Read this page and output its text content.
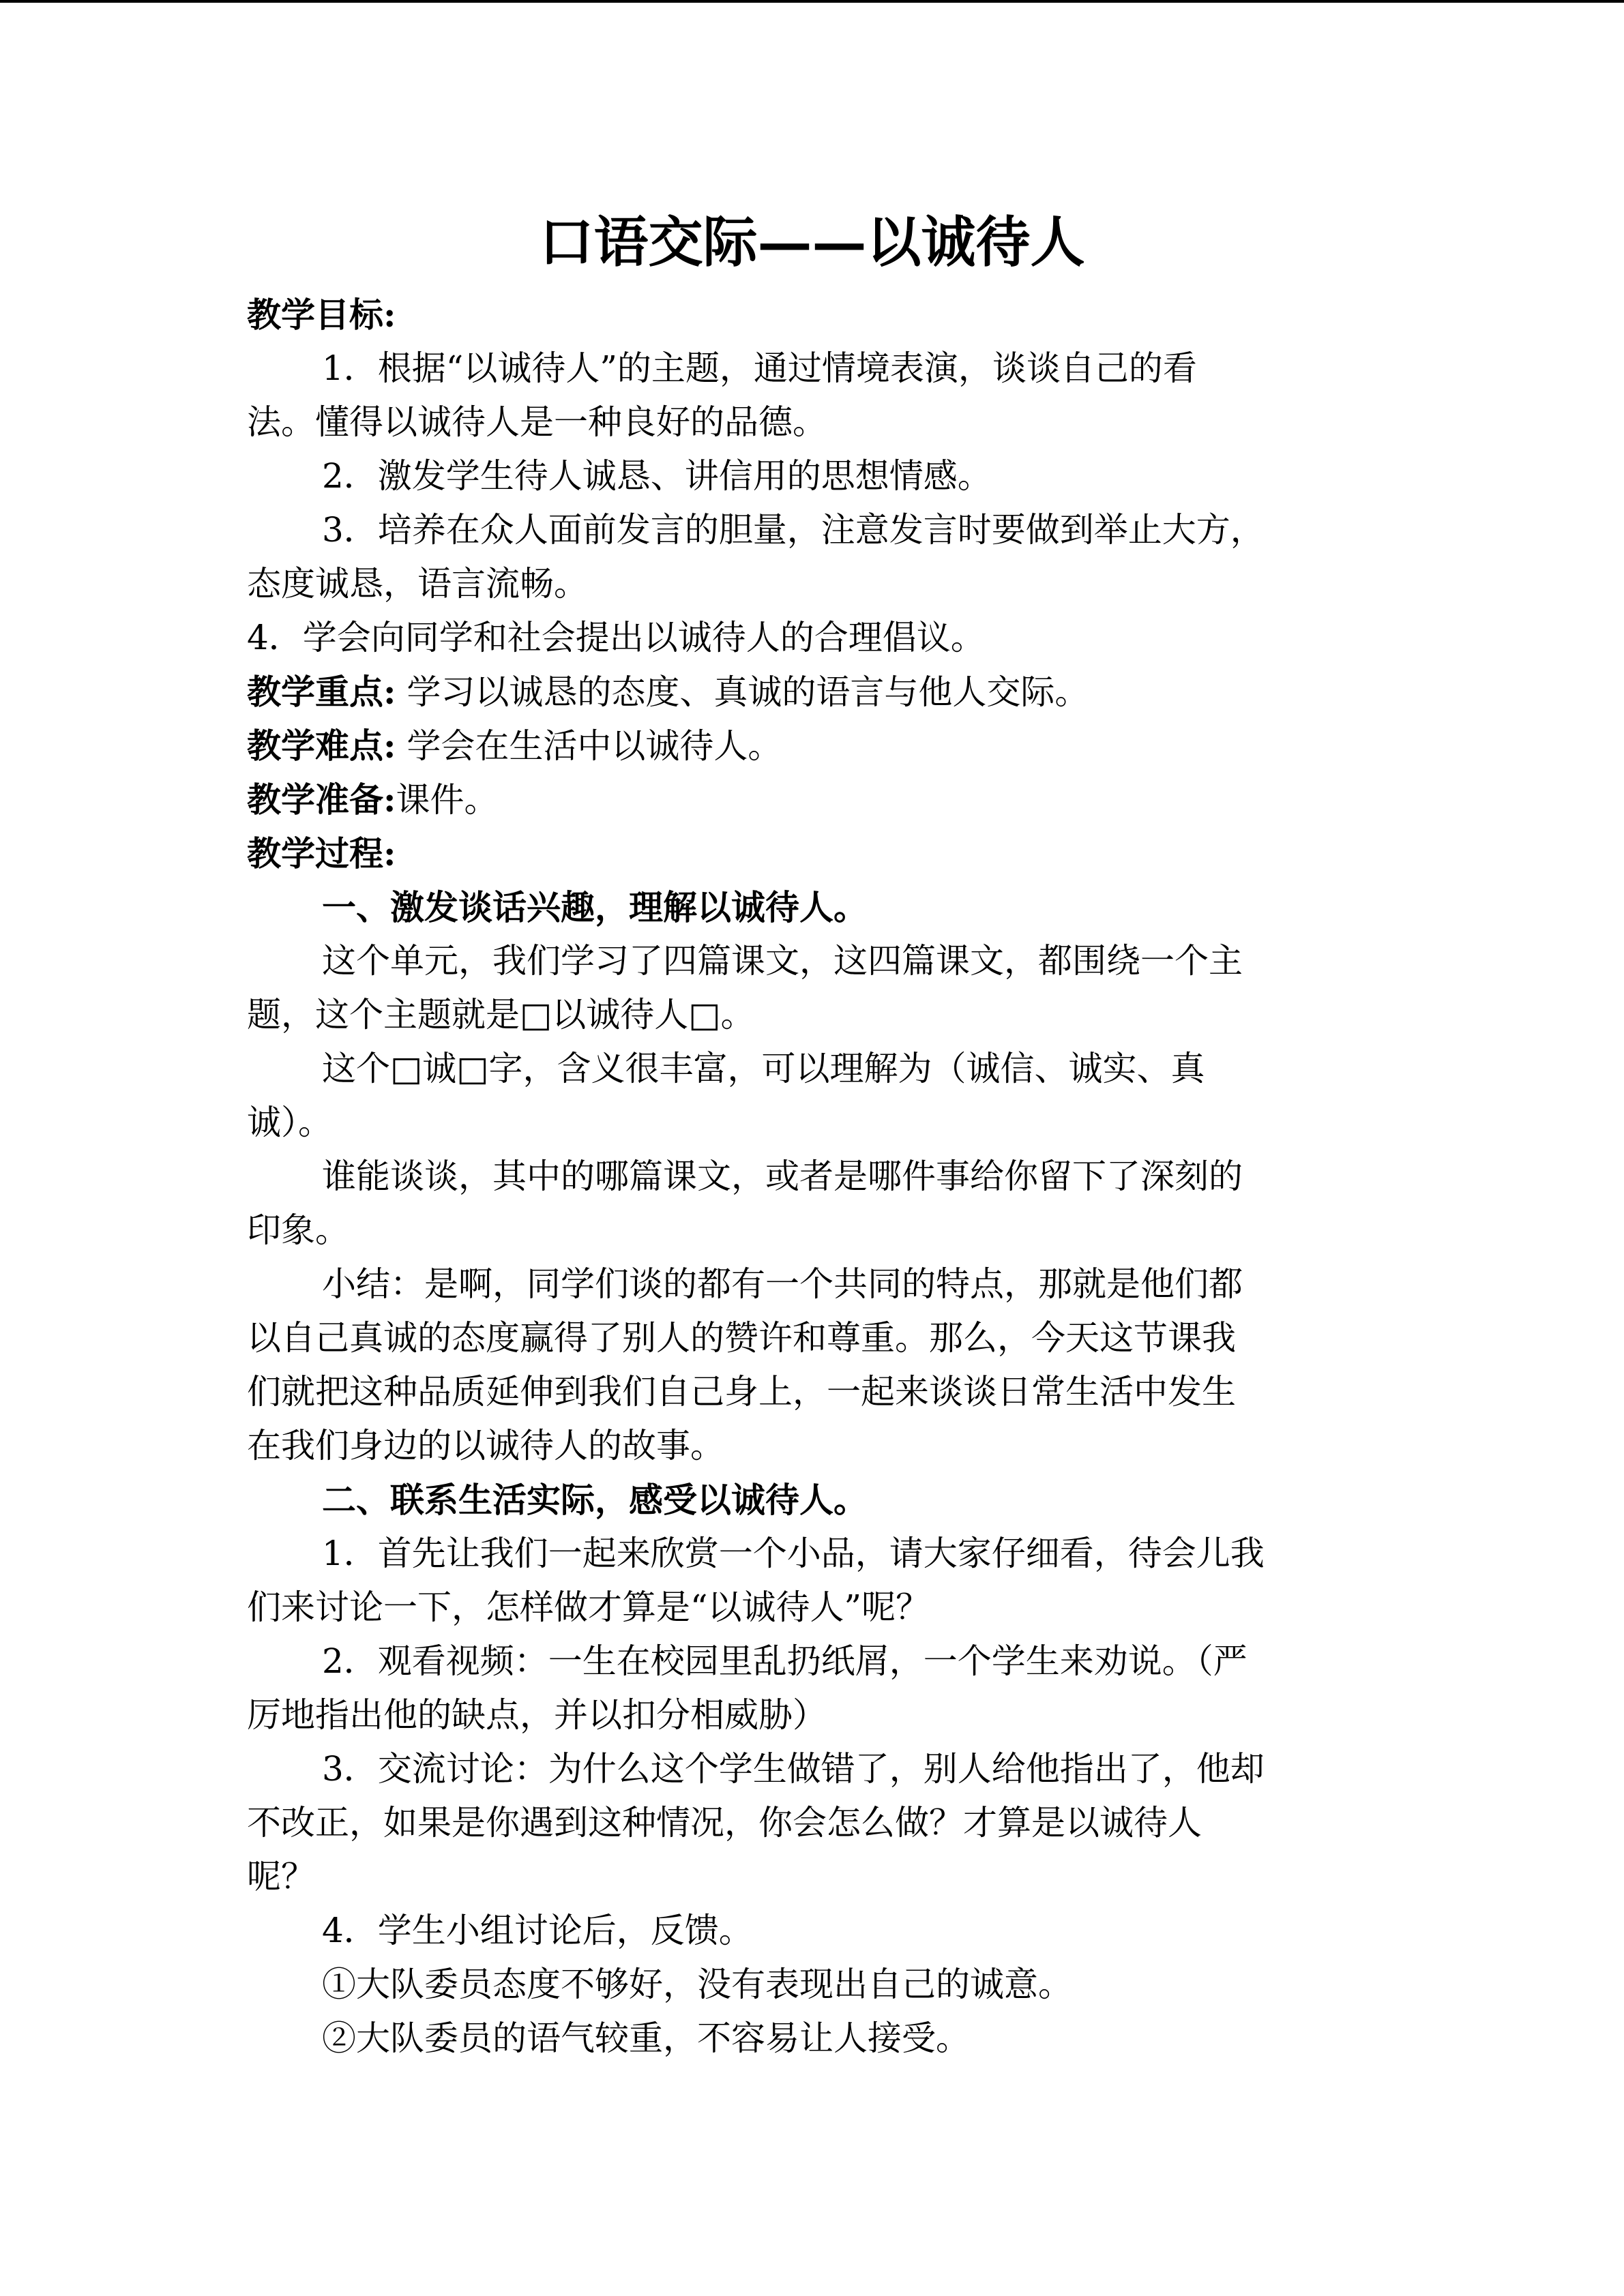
口语交际——以诚待人
教学目标:
1．根据“以诚待人”的主题，通过情境表演，谈谈自己的看
法。懂得以诚待人是一种良好的品德。
2．激发学生待人诚恳、讲信用的思想情感。
3．培养在众人面前发言的胆量，注意发言时要做到举止大方，
态度诚恳，语言流畅。
4．学会向同学和社会提出以诚待人的合理倡议。
教学重点: 学习以诚恳的态度、真诚的语言与他人交际。
教学难点: 学会在生活中以诚待人。
教学准备:课件。
教学过程:
一、激发谈话兴趣，理解以诚待人。
这个单元，我们学习了四篇课文，这四篇课文，都围绕一个主
题，这个主题就是□以诚待人□。
这个□诚□字，含义很丰富，可以理解为（诚信、诚实、真
诚）。
谁能谈谈，其中的哪篇课文，或者是哪件事给你留下了深刻的
印象。
小结：是啊，同学们谈的都有一个共同的特点，那就是他们都
以自己真诚的态度赢得了别人的赞许和尊重。那么，今天这节课我
们就把这种品质延伸到我们自己身上，一起来谈谈日常生活中发生
在我们身边的以诚待人的故事。
二、联系生活实际，感受以诚待人。
1．首先让我们一起来欣赏一个小品，请大家仔细看，待会儿我
们来讨论一下，怎样做才算是“以诚待人”呢？
2．观看视频：一生在校园里乱扔纸屑，一个学生来劝说。（严
厉地指出他的缺点，并以扣分相威胁）
3．交流讨论：为什么这个学生做错了，别人给他指出了，他却
不改正，如果是你遇到这种情况，你会怎么做？才算是以诚待人
呢？
4．学生小组讨论后，反馈。
①大队委员态度不够好，没有表现出自己的诚意。
②大队委员的语气较重，不容易让人接受。
